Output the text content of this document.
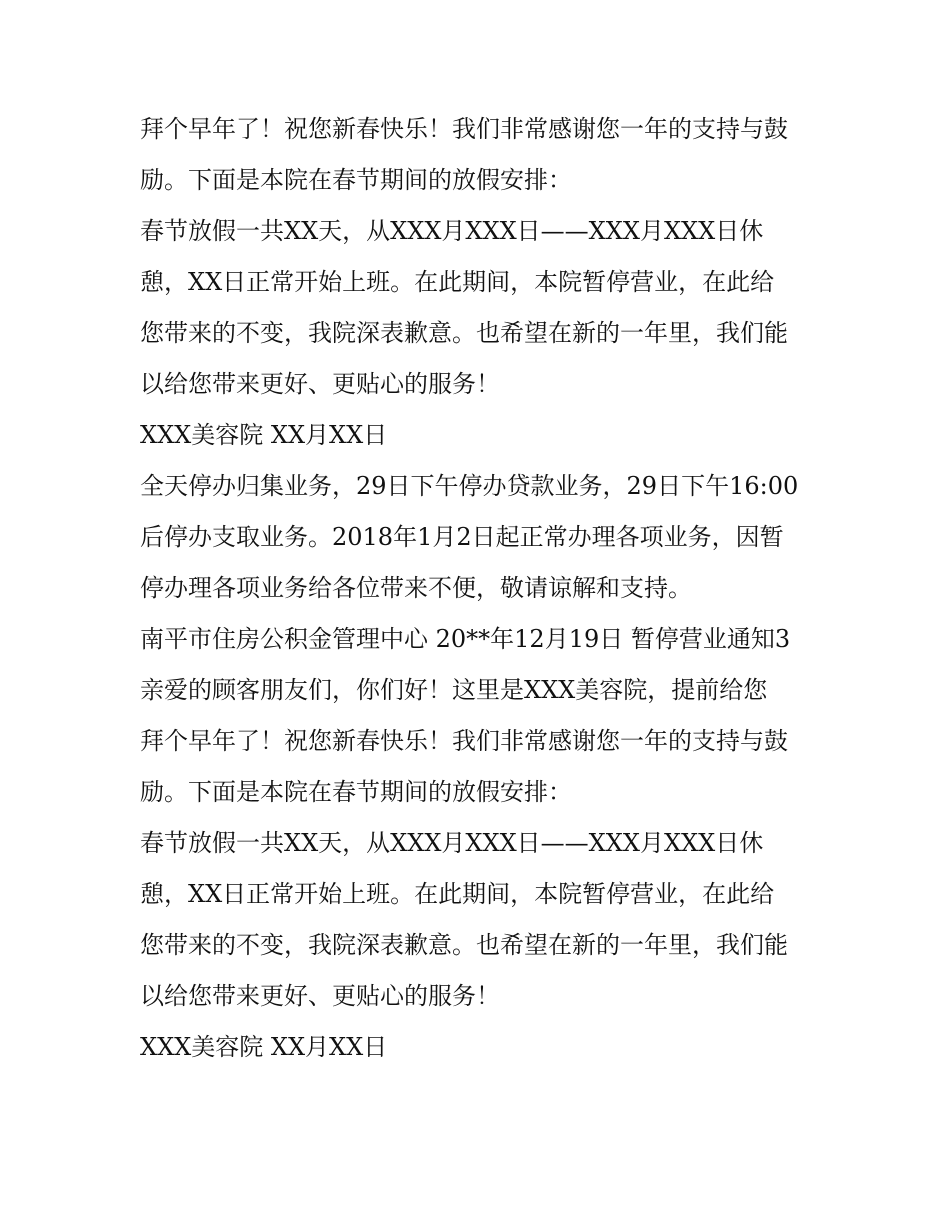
拜个早年了！祝您新春快乐！我们非常感谢您一年的支持与鼓
励。下面是本院在春节期间的放假安排：
春节放假一共XX天，从XXX月XXX日——XXX月XXX日休
憩，XX日正常开始上班。在此期间，本院暂停营业，在此给
您带来的不变，我院深表歉意。也希望在新的一年里，我们能
以给您带来更好、更贴心的服务！
XXX美容院 XX月XX日
全天停办归集业务，29日下午停办贷款业务，29日下午16:00
后停办支取业务。2018年1月2日起正常办理各项业务，因暂
停办理各项业务给各位带来不便，敬请谅解和支持。
南平市住房公积金管理中心 20**年12月19日 暂停营业通知3
亲爱的顾客朋友们，你们好！这里是XXX美容院，提前给您
拜个早年了！祝您新春快乐！我们非常感谢您一年的支持与鼓
励。下面是本院在春节期间的放假安排：
春节放假一共XX天，从XXX月XXX日——XXX月XXX日休
憩，XX日正常开始上班。在此期间，本院暂停营业，在此给
您带来的不变，我院深表歉意。也希望在新的一年里，我们能
以给您带来更好、更贴心的服务！
XXX美容院 XX月XX日
